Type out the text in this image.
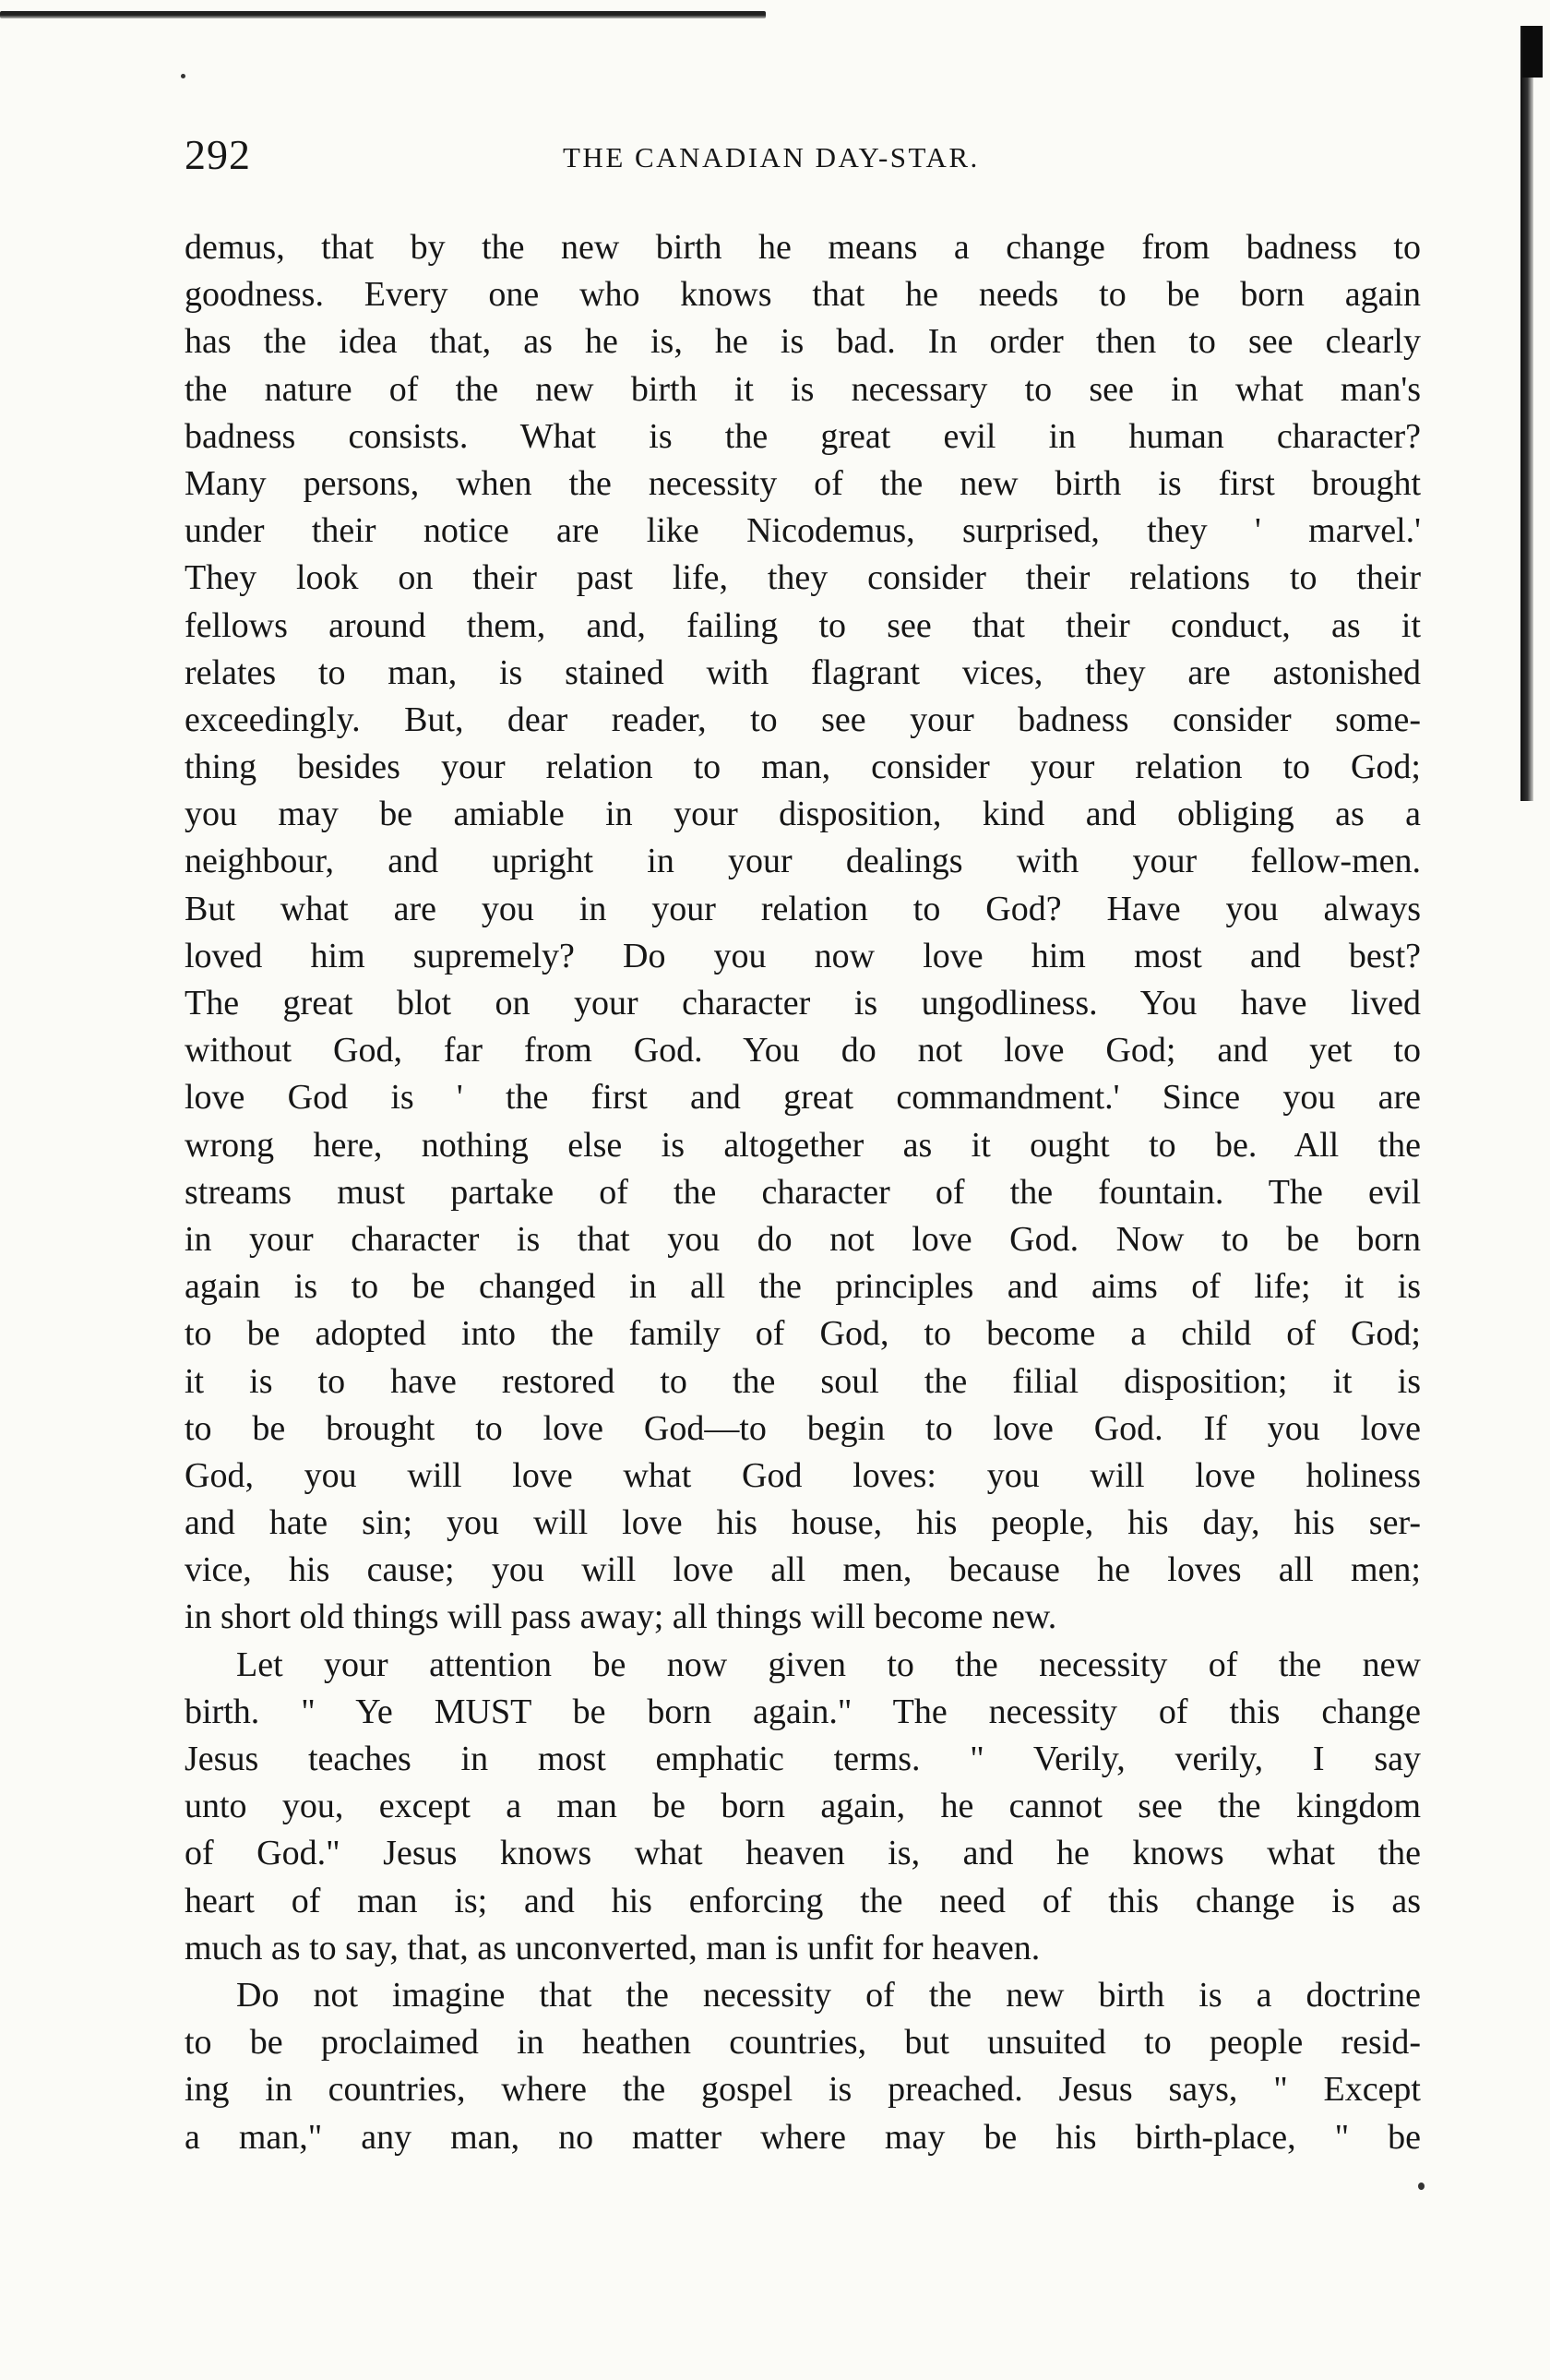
292	THE CANADIAN DAY-STAR.
demus, that by the new birth he means a change from badness to
goodness. Every one who knows that he needs to be born again
has the idea that, as he is, he is bad. In order then to see clearly
the nature of the new birth it is necessary to see in what man's
badness consists. What is the great evil in human character?
Many persons, when the necessity of the new birth is first brought
under their notice are like Nicodemus, surprised, they ' marvel.'
They look on their past life, they consider their relations to their
fellows around them, and, failing to see that their conduct, as it
relates to man, is stained with flagrant vices, they are astonished
exceedingly. But, dear reader, to see your badness consider some-
thing besides your relation to man, consider your relation to God;
you may be amiable in your disposition, kind and obliging as a
neighbour, and upright in your dealings with your fellow-men.
But what are you in your relation to God? Have you always
loved him supremely? Do you now love him most and best?
The great blot on your character is ungodliness. You have lived
without God, far from God. You do not love God; and yet to
love God is ' the first and great commandment.' Since you are
wrong here, nothing else is altogether as it ought to be. All the
streams must partake of the character of the fountain. The evil
in your character is that you do not love God. Now to be born
again is to be changed in all the principles and aims of life; it is
to be adopted into the family of God, to become a child of God;
it is to have restored to the soul the filial disposition; it is
to be brought to love God—to begin to love God. If you love
God, you will love what God loves: you will love holiness
and hate sin; you will love his house, his people, his day, his ser-
vice, his cause; you will love all men, because he loves all men;
in short old things will pass away; all things will become new.
Let your attention be now given to the necessity of the new
birth. " Ye MUST be born again." The necessity of this change
Jesus teaches in most emphatic terms. " Verily, verily, I say
unto you, except a man be born again, he cannot see the kingdom
of God." Jesus knows what heaven is, and he knows what the
heart of man is; and his enforcing the need of this change is as
much as to say, that, as unconverted, man is unfit for heaven.
Do not imagine that the necessity of the new birth is a doctrine
to be proclaimed in heathen countries, but unsuited to people resid-
ing in countries, where the gospel is preached. Jesus says, " Except
a man," any man, no matter where may be his birth-place, " be
